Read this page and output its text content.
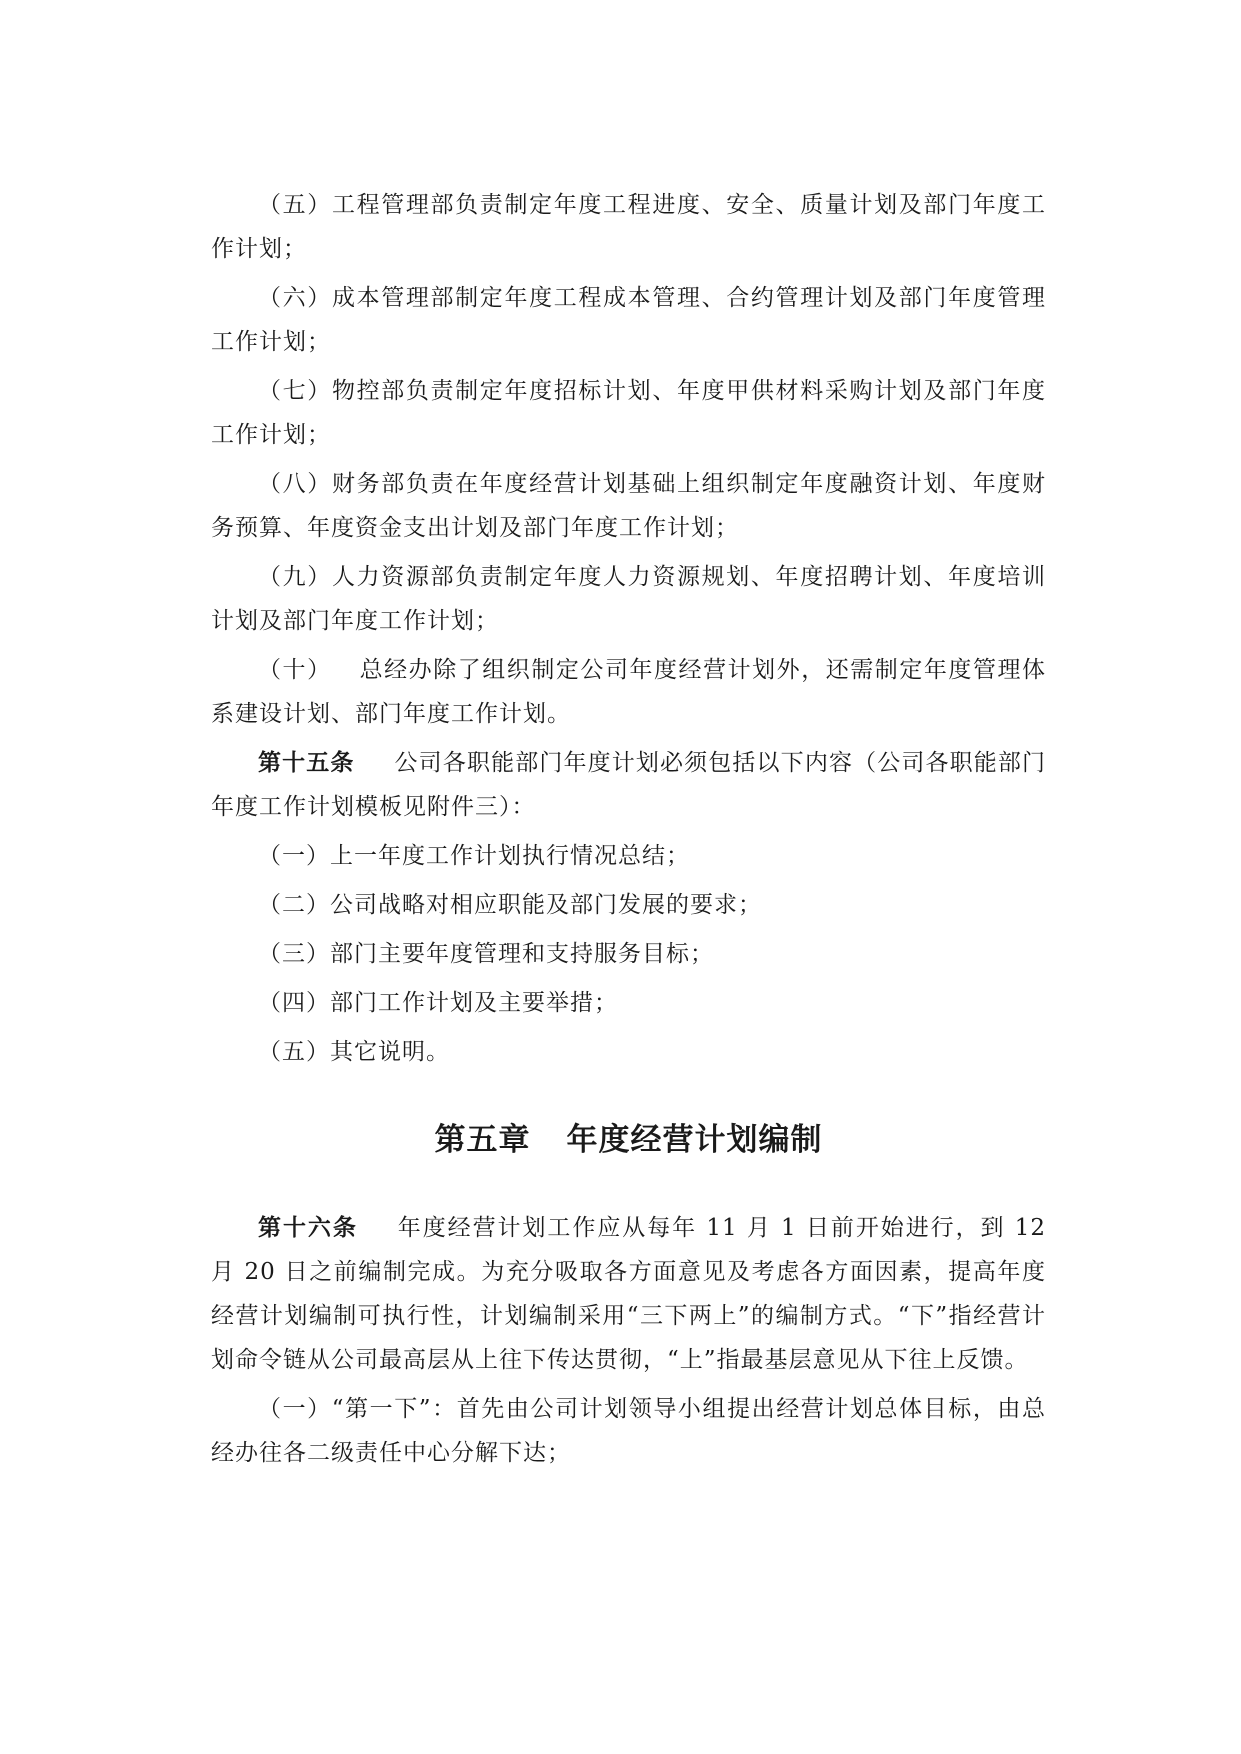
（五）工程管理部负责制定年度工程进度、安全、质量计划及部门年度工作计划；

（六）成本管理部制定年度工程成本管理、合约管理计划及部门年度管理工作计划；

（七）物控部负责制定年度招标计划、年度甲供材料采购计划及部门年度工作计划；

（八）财务部负责在年度经营计划基础上组织制定年度融资计划、年度财务预算、年度资金支出计划及部门年度工作计划；

（九）人力资源部负责制定年度人力资源规划、年度招聘计划、年度培训计划及部门年度工作计划；

（十） 总经办除了组织制定公司年度经营计划外，还需制定年度管理体系建设计划、部门年度工作计划。

第十五条 公司各职能部门年度计划必须包括以下内容（公司各职能部门年度工作计划模板见附件三）：

（一）上一年度工作计划执行情况总结；

（二）公司战略对相应职能及部门发展的要求；

（三）部门主要年度管理和支持服务目标；

（四）部门工作计划及主要举措；

（五）其它说明。

第五章 年度经营计划编制

第十六条 年度经营计划工作应从每年 11 月 1 日前开始进行，到 12 月 20 日之前编制完成。为充分吸取各方面意见及考虑各方面因素，提高年度经营计划编制可执行性，计划编制采用“三下两上”的编制方式。“下”指经营计划命令链从公司最高层从上往下传达贯彻，“上”指最基层意见从下往上反馈。

（一）“第一下”：首先由公司计划领导小组提出经营计划总体目标，由总经办往各二级责任中心分解下达；
